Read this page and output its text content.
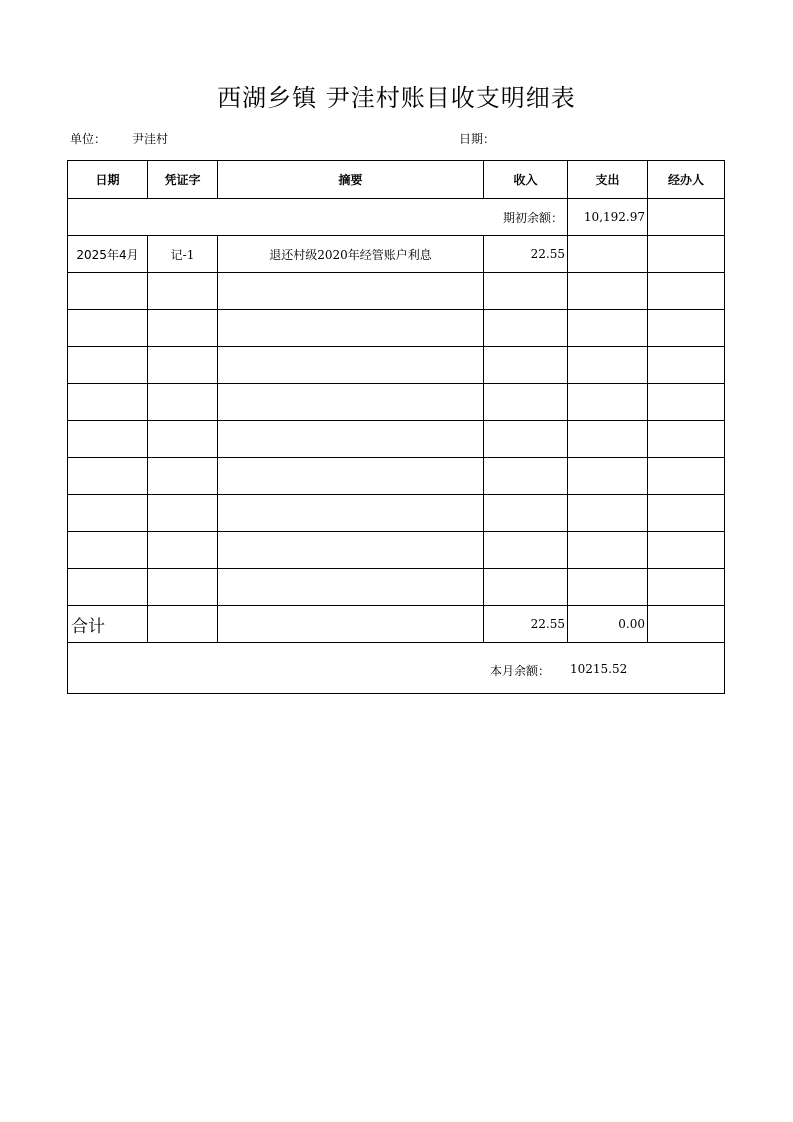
西湖乡镇 尹洼村账目收支明细表
单位： 尹洼村	日期：
日期	凭证字	摘要	收入	支出	经办人
期初余额：				10,192.97	
2025年4月	记-1	退还村级2020年经管账户利息	22.55		

合计			22.55	0.00	

本月余额： 10215.52					
